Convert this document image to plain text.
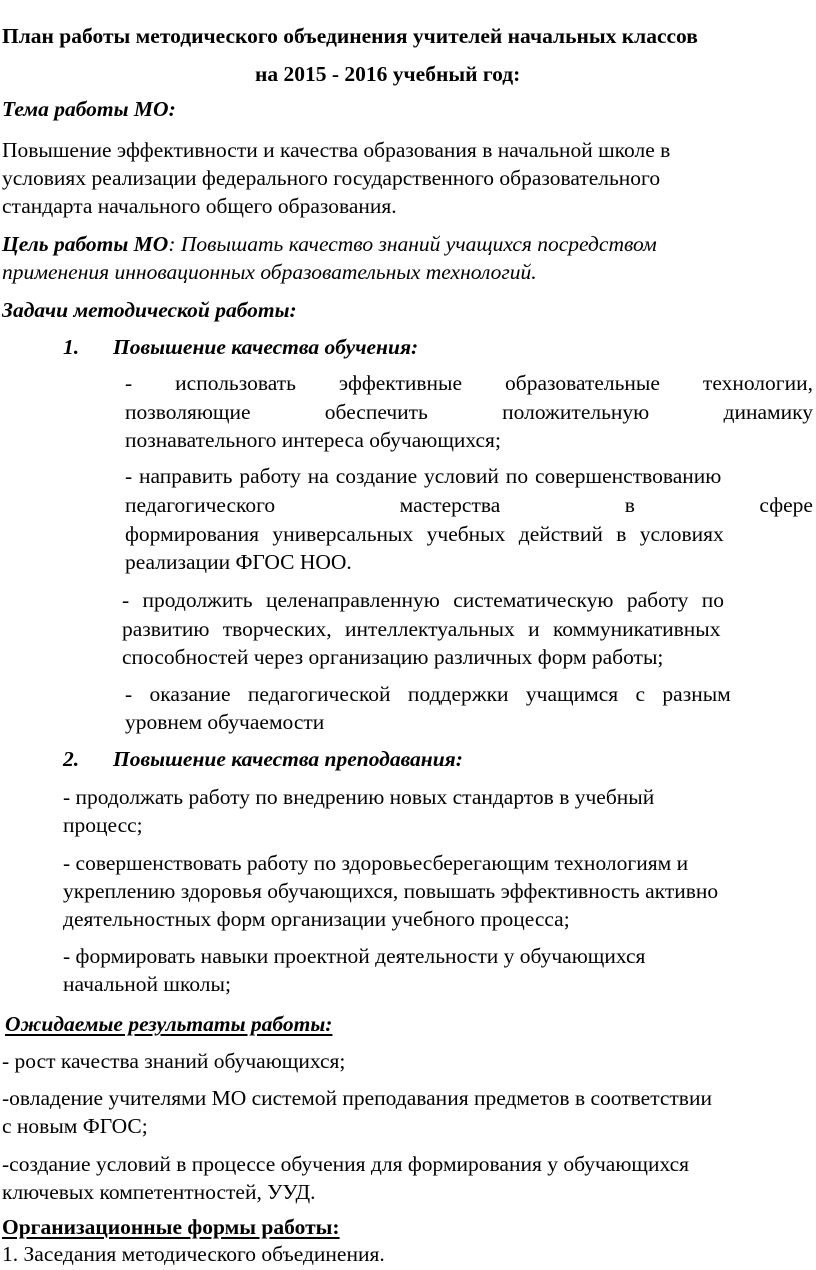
План работы методического объединения учителей начальных классов

на 2015 - 2016 учебный год:

Тема работы МО:

Повышение эффективности и качества образования в начальной школе в

условиях реализации федерального государственного образовательного

стандарта начального общего образования.

Цель работы МО: Повышать качество знаний учащихся посредством

применения инновационных образовательных технологий.

Задачи методической работы:

1. Повышение качества обучения:

- использовать эффективные образовательные технологии,
позволяющие	обеспечить	положительную	динамику

познавательного интереса обучающихся;

- направить работу на создание условий по совершенствованию

педагогического	мастерства	в	сфере

формирования универсальных учебных действий в условиях

реализации ФГОС НОО.

- продолжить целенаправленную систематическую работу по

развитию творческих, интеллектуальных и коммуникативных

способностей через организацию различных форм работы;

- оказание педагогической поддержки учащимся с разным

уровнем обучаемости

2. Повышение качества преподавания:

- продолжать работу по внедрению новых стандартов в учебный

процесс;

- совершенствовать работу по здоровьесберегающим технологиям и

укреплению здоровья обучающихся, повышать эффективность активно

деятельностных форм организации учебного процесса;

- формировать навыки проектной деятельности у обучающихся

начальной школы;

Ожидаемые результаты работы:

- рост качества знаний обучающихся;

-овладение учителями МО системой преподавания предметов в соответствии

с новым ФГОС;

-создание условий в процессе обучения для формирования у обучающихся

ключевых компетентностей, УУД.

Организационные формы работы:

1. Заседания методического объединения.
